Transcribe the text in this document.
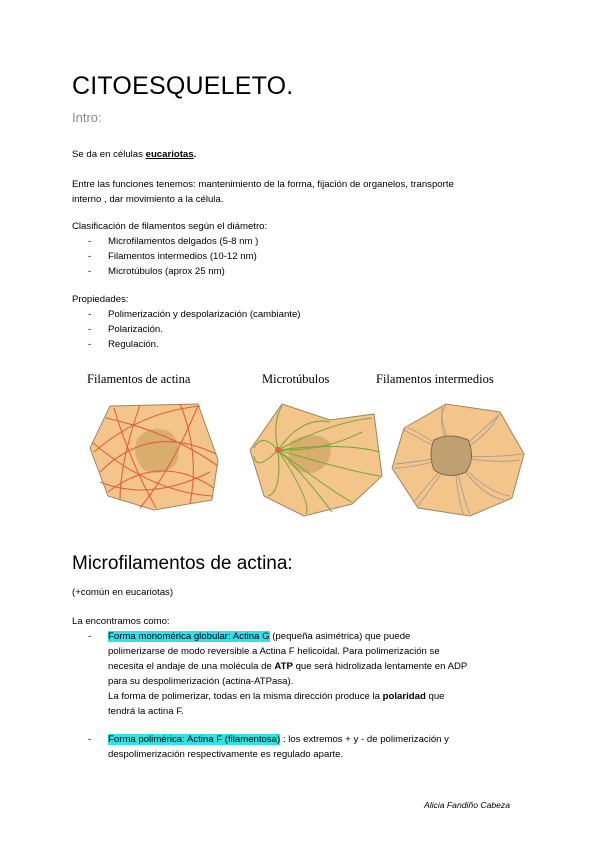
CITOESQUELETO.
Intro:
Se da en células eucariotas.
Entre las funciones tenemos: mantenimiento de la forma, fijación de organelos, transporte
interno , dar movimiento a la célula.
Clasificación de filamentos según el diámetro:
- Microfilamentos delgados (5-8 nm )
- Filamentos intermedios (10-12 nm)
- Microtúbulos (aprox 25 nm)
Propiedades:
- Polimerización y despolarización (cambiante)
- Polarización.
- Regulación.
Filamentos de actina	Microtúbulos	Filamentos intermedios
Microfilamentos de actina:
(+común en eucariotas)
La encontramos como:
- Forma monomérica globular: Actina G (pequeña asimétrica) que puede
polimerizarse de modo reversible a Actina F helicoidal. Para polimerización se
necesita el andaje de una molécula de ATP que será hidrolizada lentamente en ADP
para su despolimerización (actina-ATPasa).
La forma de polimerizar, todas en la misma dirección produce la polaridad que
tendrá la actina F.
- Forma polimérica: Actina F (filamentosa) : los extremos + y - de polimerización y
despolimerización respectivamente es regulado aparte.
Alicia Fandiño Cabeza
